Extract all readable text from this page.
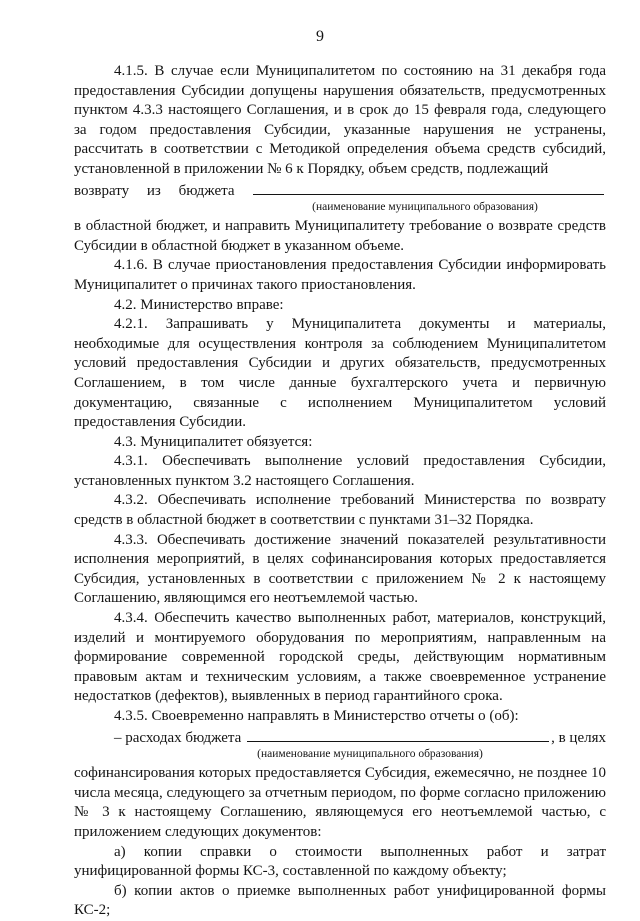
9

4.1.5. В случае если Муниципалитетом по состоянию на 31 декабря года предоставления Субсидии допущены нарушения обязательств, предусмотренных пунктом 4.3.3 настоящего Соглашения, и в срок до 15 февраля года, следующего за годом предоставления Субсидии, указанные нарушения не устранены, рассчитать в соответствии с Методикой определения объема средств субсидий, установленной в приложении № 6 к Порядку, объем средств, подлежащий

возврату из бюджета
(наименование муниципального образования)

в областной бюджет, и направить Муниципалитету требование о возврате средств Субсидии в областной бюджет в указанном объеме.

4.1.6. В случае приостановления предоставления Субсидии информировать Муниципалитет о причинах такого приостановления.

4.2. Министерство вправе:

4.2.1. Запрашивать у Муниципалитета документы и материалы, необходимые для осуществления контроля за соблюдением Муниципалитетом условий предоставления Субсидии и других обязательств, предусмотренных Соглашением, в том числе данные бухгалтерского учета и первичную документацию, связанные с исполнением Муниципалитетом условий предоставления Субсидии.

4.3. Муниципалитет обязуется:

4.3.1. Обеспечивать выполнение условий предоставления Субсидии, установленных пунктом 3.2 настоящего Соглашения.

4.3.2. Обеспечивать исполнение требований Министерства по возврату средств в областной бюджет в соответствии с пунктами 31–32 Порядка.

4.3.3. Обеспечивать достижение значений показателей результативности исполнения мероприятий, в целях софинансирования которых предоставляется Субсидия, установленных в соответствии с приложением № 2 к настоящему Соглашению, являющимся его неотъемлемой частью.

4.3.4. Обеспечить качество выполненных работ, материалов, конструкций, изделий и монтируемого оборудования по мероприятиям, направленным на формирование современной городской среды, действующим нормативным правовым актам и техническим условиям, а также своевременное устранение недостатков (дефектов), выявленных в период гарантийного срока.

4.3.5. Своевременно направлять в Министерство отчеты о (об):

– расходах бюджета	, в целях
(наименование муниципального образования)

софинансирования которых предоставляется Субсидия, ежемесячно, не позднее 10 числа месяца, следующего за отчетным периодом, по форме согласно приложению № 3 к настоящему Соглашению, являющемуся его неотъемлемой частью, с приложением следующих документов:

а) копии справки о стоимости выполненных работ и затрат унифицированной формы КС-3, составленной по каждому объекту;

б) копии актов о приемке выполненных работ унифицированной формы КС-2;
